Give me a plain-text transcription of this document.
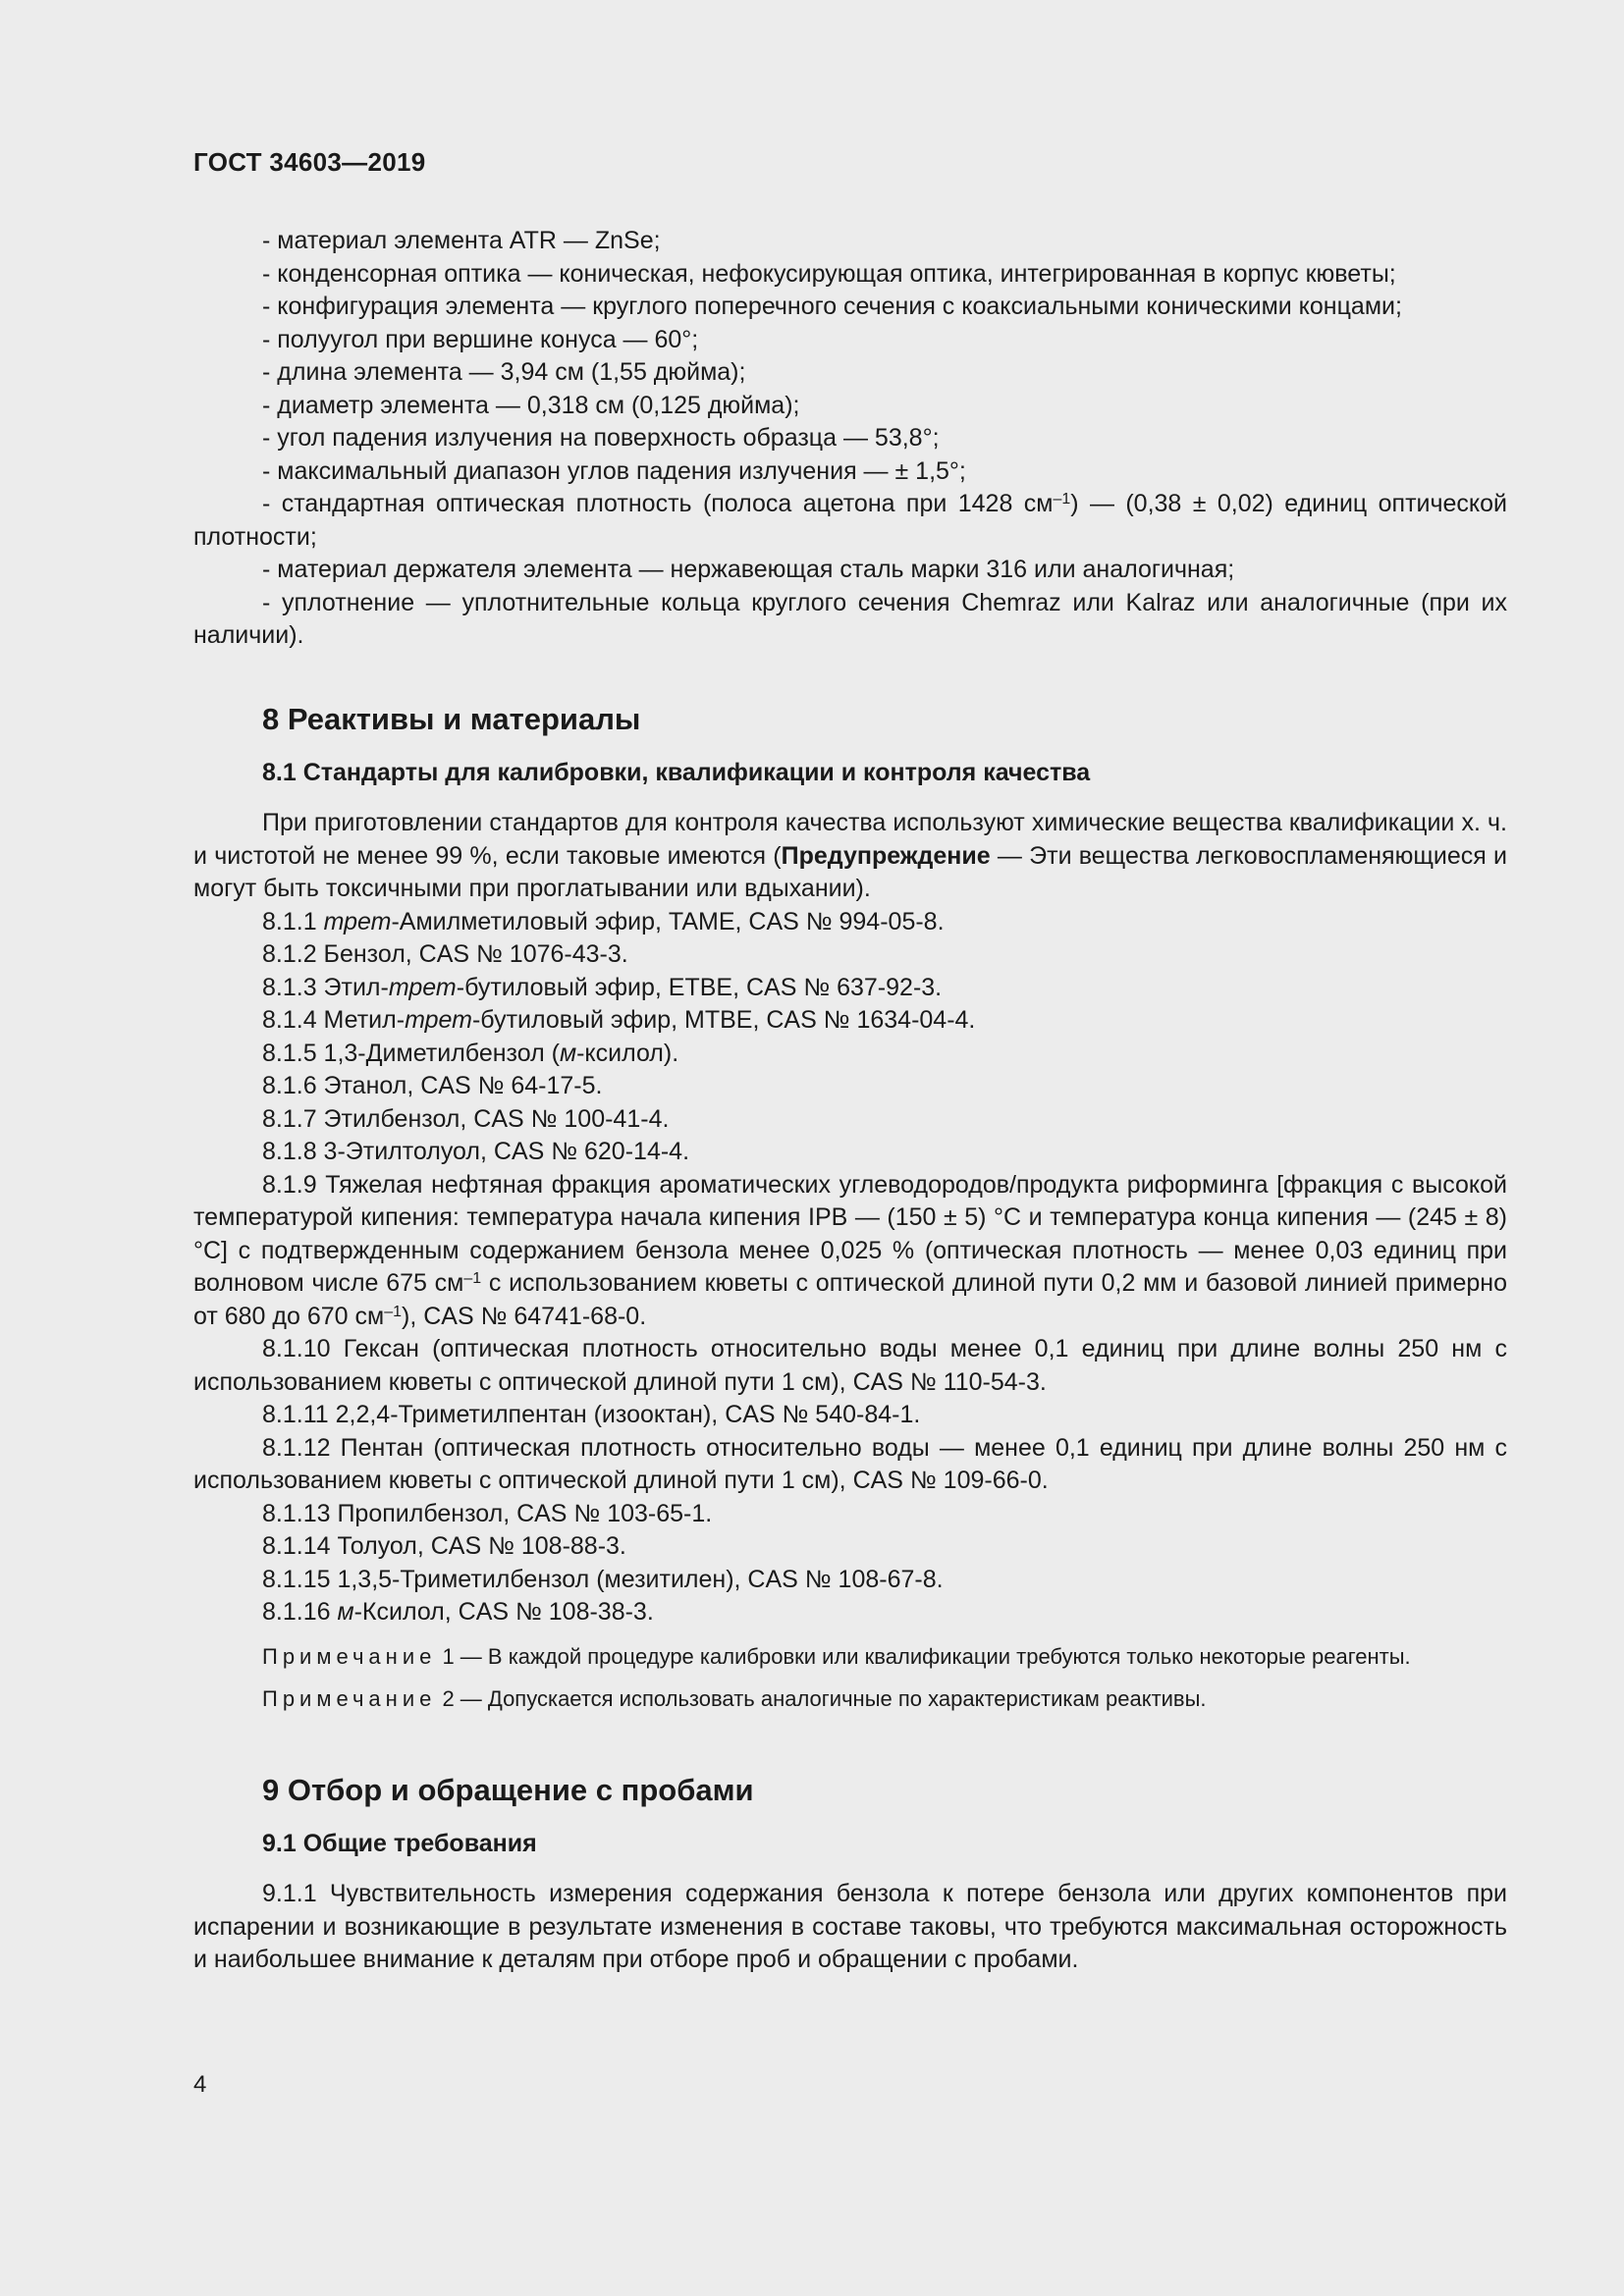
ГОСТ 34603—2019

- материал элемента ATR — ZnSe;

- конденсорная оптика — коническая, нефокусирующая оптика, интегрированная в корпус кюветы;

- конфигурация элемента — круглого поперечного сечения с коаксиальными коническими концами;

- полуугол при вершине конуса — 60°;

- длина элемента — 3,94 см (1,55 дюйма);

- диаметр элемента — 0,318 см (0,125 дюйма);

- угол падения излучения на поверхность образца — 53,8°;

- максимальный диапазон углов падения излучения — ± 1,5°;

- стандартная оптическая плотность (полоса ацетона при 1428 $см^{-1}$) — (0,38 ± 0,02) единиц оптической плотности;

- материал держателя элемента — нержавеющая сталь марки 316 или аналогичная;

- уплотнение — уплотнительные кольца круглого сечения Chemraz или Kalraz или аналогичные (при их наличии).

8 Реактивы и материалы

8.1 Стандарты для калибровки, квалификации и контроля качества

При приготовлении стандартов для контроля качества используют химические вещества квалификации х. ч. и чистотой не менее 99 %, если таковые имеются (Предупреждение — Эти вещества легковоспламеняющиеся и могут быть токсичными при проглатывании или вдыхании).

8.1.1 трет-Амилметиловый эфир, TAME, CAS № 994-05-8.

8.1.2 Бензол, CAS № 1076-43-3.

8.1.3 Этил-трет-бутиловый эфир, ETBE, CAS № 637-92-3.

8.1.4 Метил-трет-бутиловый эфир, MTBE, CAS № 1634-04-4.

8.1.5 1,3-Диметилбензол (м-ксилол).

8.1.6 Этанол, CAS № 64-17-5.

8.1.7 Этилбензол, CAS № 100-41-4.

8.1.8 3-Этилтолуол, CAS № 620-14-4.

8.1.9 Тяжелая нефтяная фракция ароматических углеводородов/продукта риформинга [фракция с высокой температурой кипения: температура начала кипения IPB — (150 ± 5) °С и температура конца кипения — (245 ± 8) °С] с подтвержденным содержанием бензола менее 0,025 % (оптическая плотность — менее 0,03 единиц при волновом числе 675 $см^{-1}$ с использованием кюветы с оптической длиной пути 0,2 мм и базовой линией примерно от 680 до 670 $см^{-1}$), CAS № 64741-68-0.

8.1.10 Гексан (оптическая плотность относительно воды менее 0,1 единиц при длине волны 250 нм с использованием кюветы с оптической длиной пути 1 см), CAS № 110-54-3.

8.1.11 2,2,4-Триметилпентан (изооктан), CAS № 540-84-1.

8.1.12 Пентан (оптическая плотность относительно воды — менее 0,1 единиц при длине волны 250 нм с использованием кюветы с оптической длиной пути 1 см), CAS № 109-66-0.

8.1.13 Пропилбензол, CAS № 103-65-1.

8.1.14 Толуол, CAS № 108-88-3.

8.1.15 1,3,5-Триметилбензол (мезитилен), CAS № 108-67-8.

8.1.16 м-Ксилол, CAS № 108-38-3.

Примечание 1 — В каждой процедуре калибровки или квалификации требуются только некоторые реагенты.

Примечание 2 — Допускается использовать аналогичные по характеристикам реактивы.

9 Отбор и обращение с пробами

9.1 Общие требования

9.1.1 Чувствительность измерения содержания бензола к потере бензола или других компонентов при испарении и возникающие в результате изменения в составе таковы, что требуются максимальная осторожность и наибольшее внимание к деталям при отборе проб и обращении с пробами.

4
